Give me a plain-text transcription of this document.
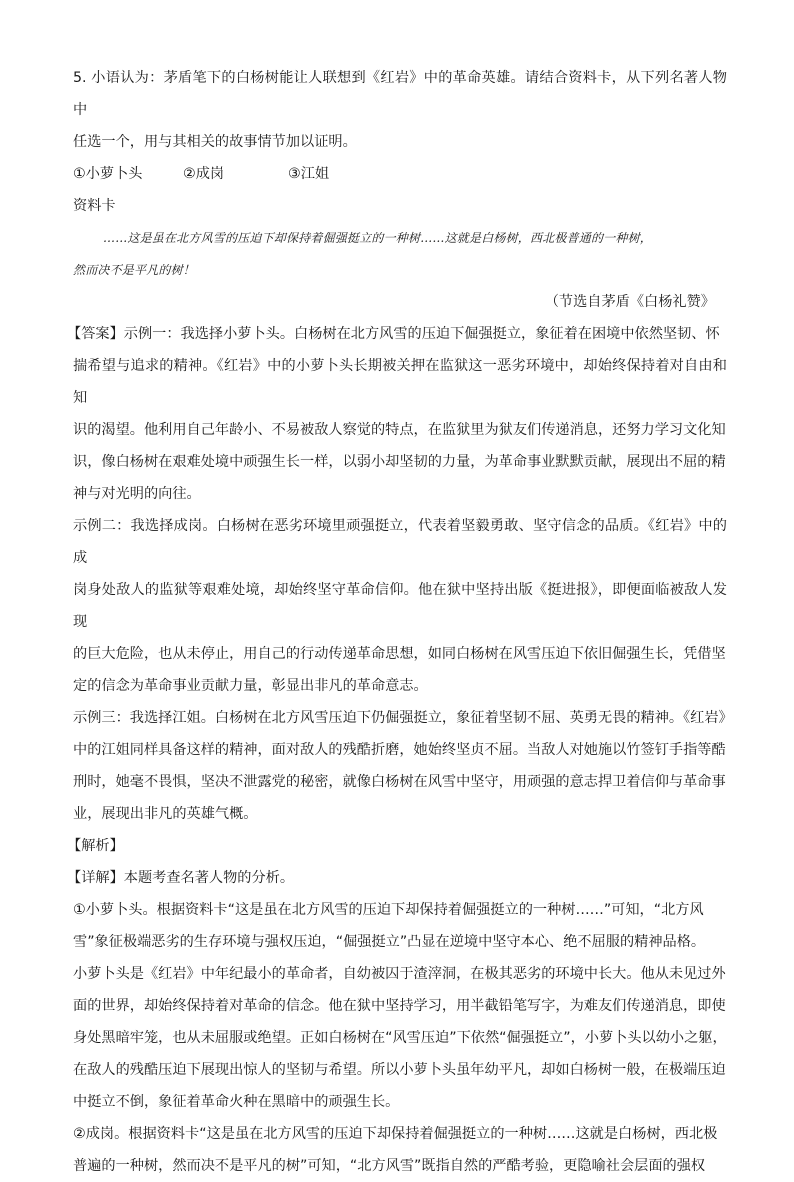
5. 小语认为：茅盾笔下的白杨树能让人联想到《红岩》中的革命英雄。请结合资料卡，从下列名著人物中

任选一个，用与其相关的故事情节加以证明。

①小萝卜头	②成岗	③江姐

资料卡

……这是虽在北方风雪的压迫下却保持着倔强挺立的一种树……这就是白杨树，西北极普通的一种树，

然而决不是平凡的树！

（节选自茅盾《白杨礼赞》

【答案】示例一：我选择小萝卜头。白杨树在北方风雪的压迫下倔强挺立，象征着在困境中依然坚韧、怀

揣希望与追求的精神。《红岩》中的小萝卜头长期被关押在监狱这一恶劣环境中，却始终保持着对自由和知

识的渴望。他利用自己年龄小、不易被敌人察觉的特点，在监狱里为狱友们传递消息，还努力学习文化知

识，像白杨树在艰难处境中顽强生长一样，以弱小却坚韧的力量，为革命事业默默贡献，展现出不屈的精

神与对光明的向往。

示例二：我选择成岗。白杨树在恶劣环境里顽强挺立，代表着坚毅勇敢、坚守信念的品质。《红岩》中的成

岗身处敌人的监狱等艰难处境，却始终坚守革命信仰。他在狱中坚持出版《挺进报》，即便面临被敌人发现

的巨大危险，也从未停止，用自己的行动传递革命思想，如同白杨树在风雪压迫下依旧倔强生长，凭借坚

定的信念为革命事业贡献力量，彰显出非凡的革命意志。

示例三：我选择江姐。白杨树在北方风雪压迫下仍倔强挺立，象征着坚韧不屈、英勇无畏的精神。《红岩》

中的江姐同样具备这样的精神，面对敌人的残酷折磨，她始终坚贞不屈。当敌人对她施以竹签钉手指等酷

刑时，她毫不畏惧，坚决不泄露党的秘密，就像白杨树在风雪中坚守，用顽强的意志捍卫着信仰与革命事

业，展现出非凡的英雄气概。

【解析】

【详解】本题考查名著人物的分析。

①小萝卜头。根据资料卡“这是虽在北方风雪的压迫下却保持着倔强挺立的一种树……”可知，“北方风

雪”象征极端恶劣的生存环境与强权压迫，“倔强挺立”凸显在逆境中坚守本心、绝不屈服的精神品格。

小萝卜头是《红岩》中年纪最小的革命者，自幼被囚于渣滓洞，在极其恶劣的环境中长大。他从未见过外

面的世界，却始终保持着对革命的信念。他在狱中坚持学习，用半截铅笔写字，为难友们传递消息，即使

身处黑暗牢笼，也从未屈服或绝望。正如白杨树在“风雪压迫”下依然“倔强挺立”，小萝卜头以幼小之躯，

在敌人的残酷压迫下展现出惊人的坚韧与希望。所以小萝卜头虽年幼平凡，却如白杨树一般，在极端压迫

中挺立不倒，象征着革命火种在黑暗中的顽强生长。

②成岗。根据资料卡“这是虽在北方风雪的压迫下却保持着倔强挺立的一种树……这就是白杨树，西北极

普遍的一种树，然而决不是平凡的树”可知，“北方风雪”既指自然的严酷考验，更隐喻社会层面的强权
